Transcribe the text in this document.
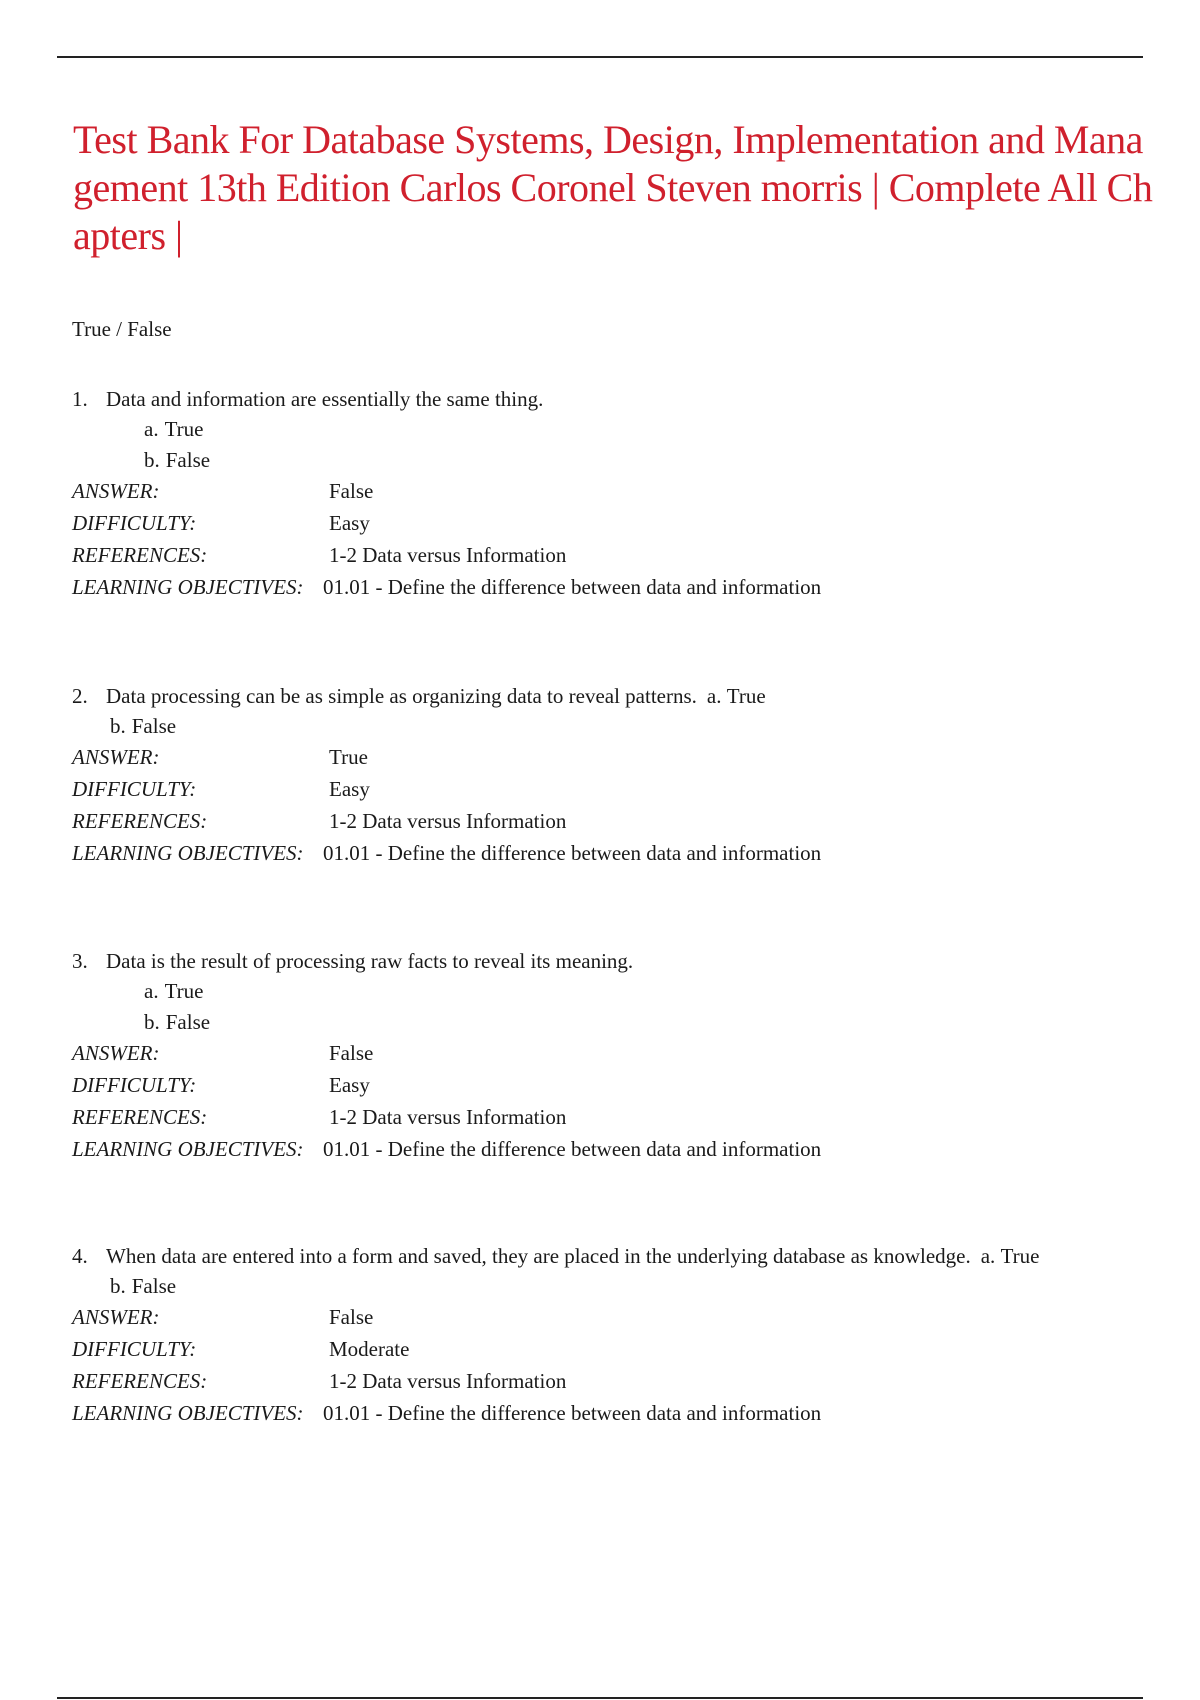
Test Bank For Database Systems, Design, Implementation and Management 13th Edition Carlos Coronel Steven morris | Complete All Chapters |
True / False
1. Data and information are essentially the same thing.
a. True
b. False
ANSWER:	False
DIFFICULTY:	Easy
REFERENCES:	1-2 Data versus Information
LEARNING OBJECTIVES: 01.01 - Define the difference between data and information
2. Data processing can be as simple as organizing data to reveal patterns. a. True
b. False
ANSWER:	True
DIFFICULTY:	Easy
REFERENCES:	1-2 Data versus Information
LEARNING OBJECTIVES: 01.01 - Define the difference between data and information
3. Data is the result of processing raw facts to reveal its meaning.
a. True
b. False
ANSWER:	False
DIFFICULTY:	Easy
REFERENCES:	1-2 Data versus Information
LEARNING OBJECTIVES: 01.01 - Define the difference between data and information
4. When data are entered into a form and saved, they are placed in the underlying database as knowledge. a. True
b. False
ANSWER:	False
DIFFICULTY:	Moderate
REFERENCES:	1-2 Data versus Information
LEARNING OBJECTIVES: 01.01 - Define the difference between data and information
